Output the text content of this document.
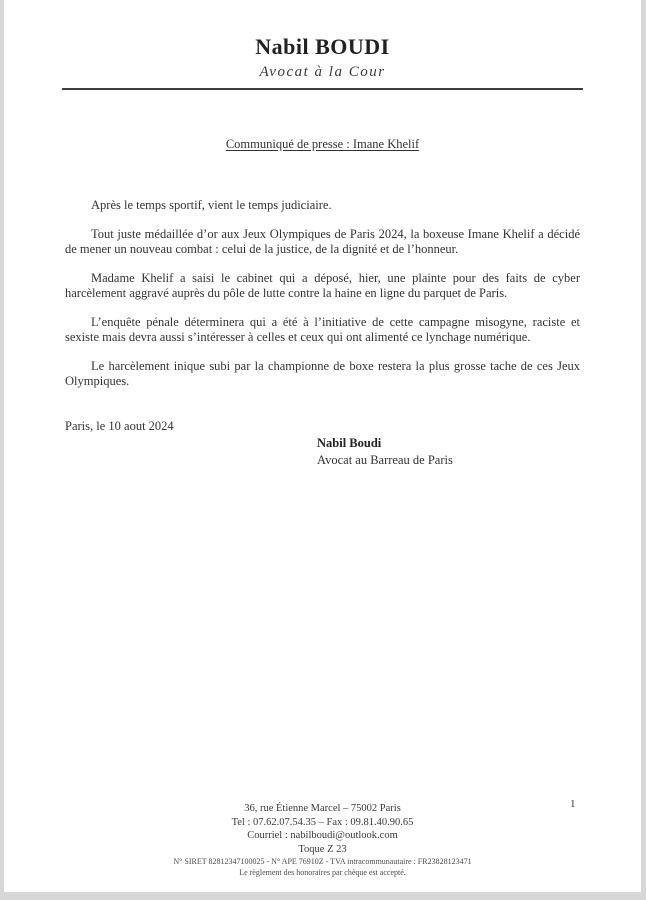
Nabil BOUDI
Avocat à la Cour
Communiqué de presse : Imane Khelif

Après le temps sportif, vient le temps judiciaire.

Tout juste médaillée d’or aux Jeux Olympiques de Paris 2024, la boxeuse Imane Khelif a décidé de mener un nouveau combat : celui de la justice, de la dignité et de l’honneur.

Madame Khelif a saisi le cabinet qui a déposé, hier, une plainte pour des faits de cyber harcèlement aggravé auprès du pôle de lutte contre la haine en ligne du parquet de Paris.

L’enquête pénale déterminera qui a été à l’initiative de cette campagne misogyne, raciste et sexiste mais devra aussi s’intéresser à celles et ceux qui ont alimenté ce lynchage numérique.

Le harcèlement inique subi par la championne de boxe restera la plus grosse tache de ces Jeux Olympiques.

Paris, le 10 aout 2024
Nabil Boudi
Avocat au Barreau de Paris
36, rue Étienne Marcel – 75002 Paris
Tel : 07.62.07.54.35 – Fax : 09.81.40.90.65
Courriel : nabilboudi@outlook.com
Toque Z 23
N° SIRET 82812347100025 - N° APE 76910Z - TVA intracommunautaire : FR23828123471
Le règlement des honoraires par chèque est accepté.
1
